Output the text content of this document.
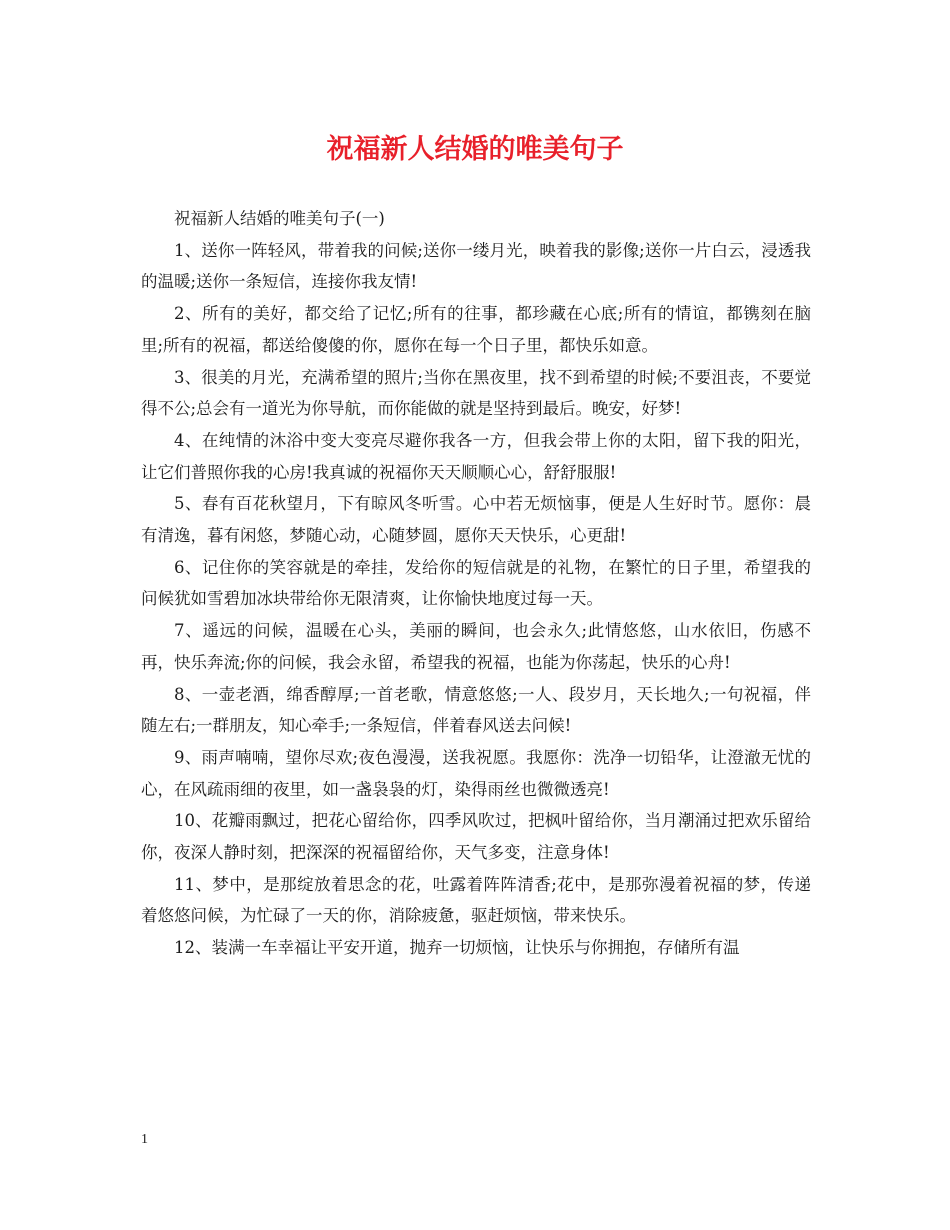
祝福新人结婚的唯美句子

祝福新人结婚的唯美句子(一)

1、送你一阵轻风，带着我的问候;送你一缕月光，映着我的影像;送你一片白云，浸透我的温暖;送你一条短信，连接你我友情!

2、所有的美好，都交给了记忆;所有的往事，都珍藏在心底;所有的情谊，都镌刻在脑里;所有的祝福，都送给傻傻的你，愿你在每一个日子里，都快乐如意。

3、很美的月光，充满希望的照片;当你在黑夜里，找不到希望的时候;不要沮丧，不要觉得不公;总会有一道光为你导航，而你能做的就是坚持到最后。晚安，好梦!

4、在纯情的沐浴中变大变亮尽避你我各一方，但我会带上你的太阳，留下我的阳光，让它们普照你我的心房!我真诚的祝福你天天顺顺心心，舒舒服服!

5、春有百花秋望月，下有晾风冬听雪。心中若无烦恼事，便是人生好时节。愿你：晨有清逸，暮有闲悠，梦随心动，心随梦圆，愿你天天快乐，心更甜!

6、记住你的笑容就是的牵挂，发给你的短信就是的礼物，在繁忙的日子里，希望我的问候犹如雪碧加冰块带给你无限清爽，让你愉快地度过每一天。

7、遥远的问候，温暖在心头，美丽的瞬间，也会永久;此情悠悠，山水依旧，伤感不再，快乐奔流;你的问候，我会永留，希望我的祝福，也能为你荡起，快乐的心舟!

8、一壶老酒，绵香醇厚;一首老歌，情意悠悠;一人、段岁月，天长地久;一句祝福，伴随左右;一群朋友，知心牵手;一条短信，伴着春风送去问候!

9、雨声喃喃，望你尽欢;夜色漫漫，送我祝愿。我愿你：洗净一切铅华，让澄澈无忧的心，在风疏雨细的夜里，如一盏袅袅的灯，染得雨丝也微微透亮!

10、花瓣雨飘过，把花心留给你，四季风吹过，把枫叶留给你，当月潮涌过把欢乐留给你，夜深人静时刻，把深深的祝福留给你，天气多变，注意身体!

11、梦中，是那绽放着思念的花，吐露着阵阵清香;花中，是那弥漫着祝福的梦，传递着悠悠问候，为忙碌了一天的你，消除疲惫，驱赶烦恼，带来快乐。

12、装满一车幸福让平安开道，抛弃一切烦恼，让快乐与你拥抱，存储所有温

1
